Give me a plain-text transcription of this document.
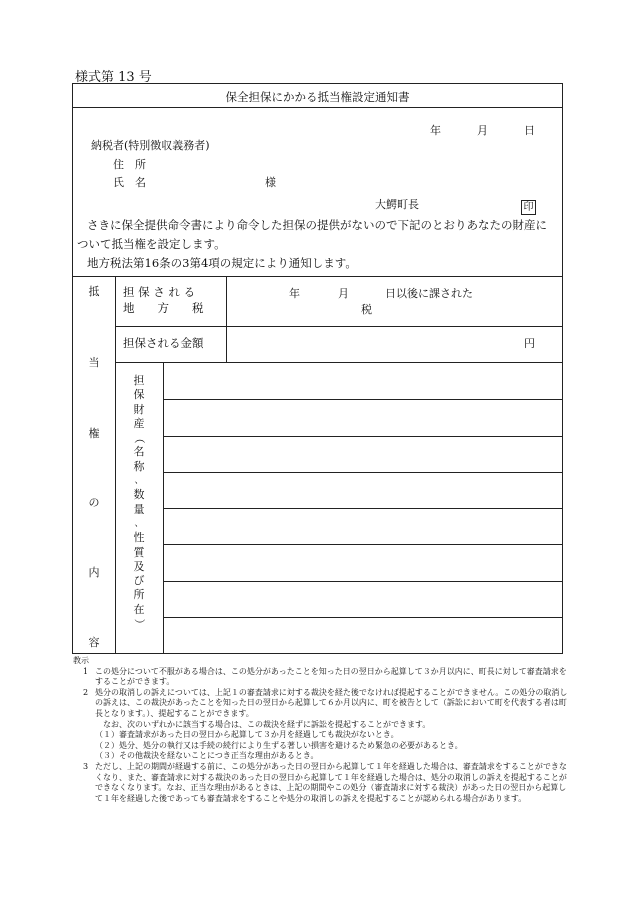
様式第 13 号
保全担保にかかる抵当権設定通知書
年	月	日
納税者(特別徴収義務者)
住　所
氏　名	様
大鰐町長	印
さきに保全提供命令書により命令した担保の提供がないので下記のとおりあなたの財産に
ついて抵当権を設定します。
地方税法第16条の3第4項の規定により通知します。
抵
当
権
の
内
容
担 保 さ れ る
地　　方　　税
年	月	日以後に課された
税
担保される金額	円
担
保
財
産
（
名
称
、
数
量
、
性
質
及
び
所
在
）
教示
1 この処分について不服がある場合は、この処分があったことを知った日の翌日から起算して３か月以内に、町長に対して審査請求をすることができます。
2 処分の取消しの訴えについては、上記１の審査請求に対する裁決を経た後でなければ提起することができません。この処分の取消しの訴えは、この裁決があったことを知った日の翌日から起算して６か月以内に、町を被告として（訴訟において町を代表する者は町長となります。）、提起することができます。
なお、次のいずれかに該当する場合は、この裁決を経ずに訴訟を提起することができます。
（１）審査請求があった日の翌日から起算して３か月を経過しても裁決がないとき。
（２）処分、処分の執行又は手続の続行により生ずる著しい損害を避けるため緊急の必要があるとき。
（３）その他裁決を経ないことにつき正当な理由があるとき。
3 ただし、上記の期間が経過する前に、この処分があった日の翌日から起算して１年を経過した場合は、審査請求をすることができなくなり、また、審査請求に対する裁決のあった日の翌日から起算して１年を経過した場合は、処分の取消しの訴えを提起することができなくなります。なお、正当な理由があるときは、上記の期間やこの処分（審査請求に対する裁決）があった日の翌日から起算して１年を経過した後であっても審査請求をすることや処分の取消しの訴えを提起することが認められる場合があります。
